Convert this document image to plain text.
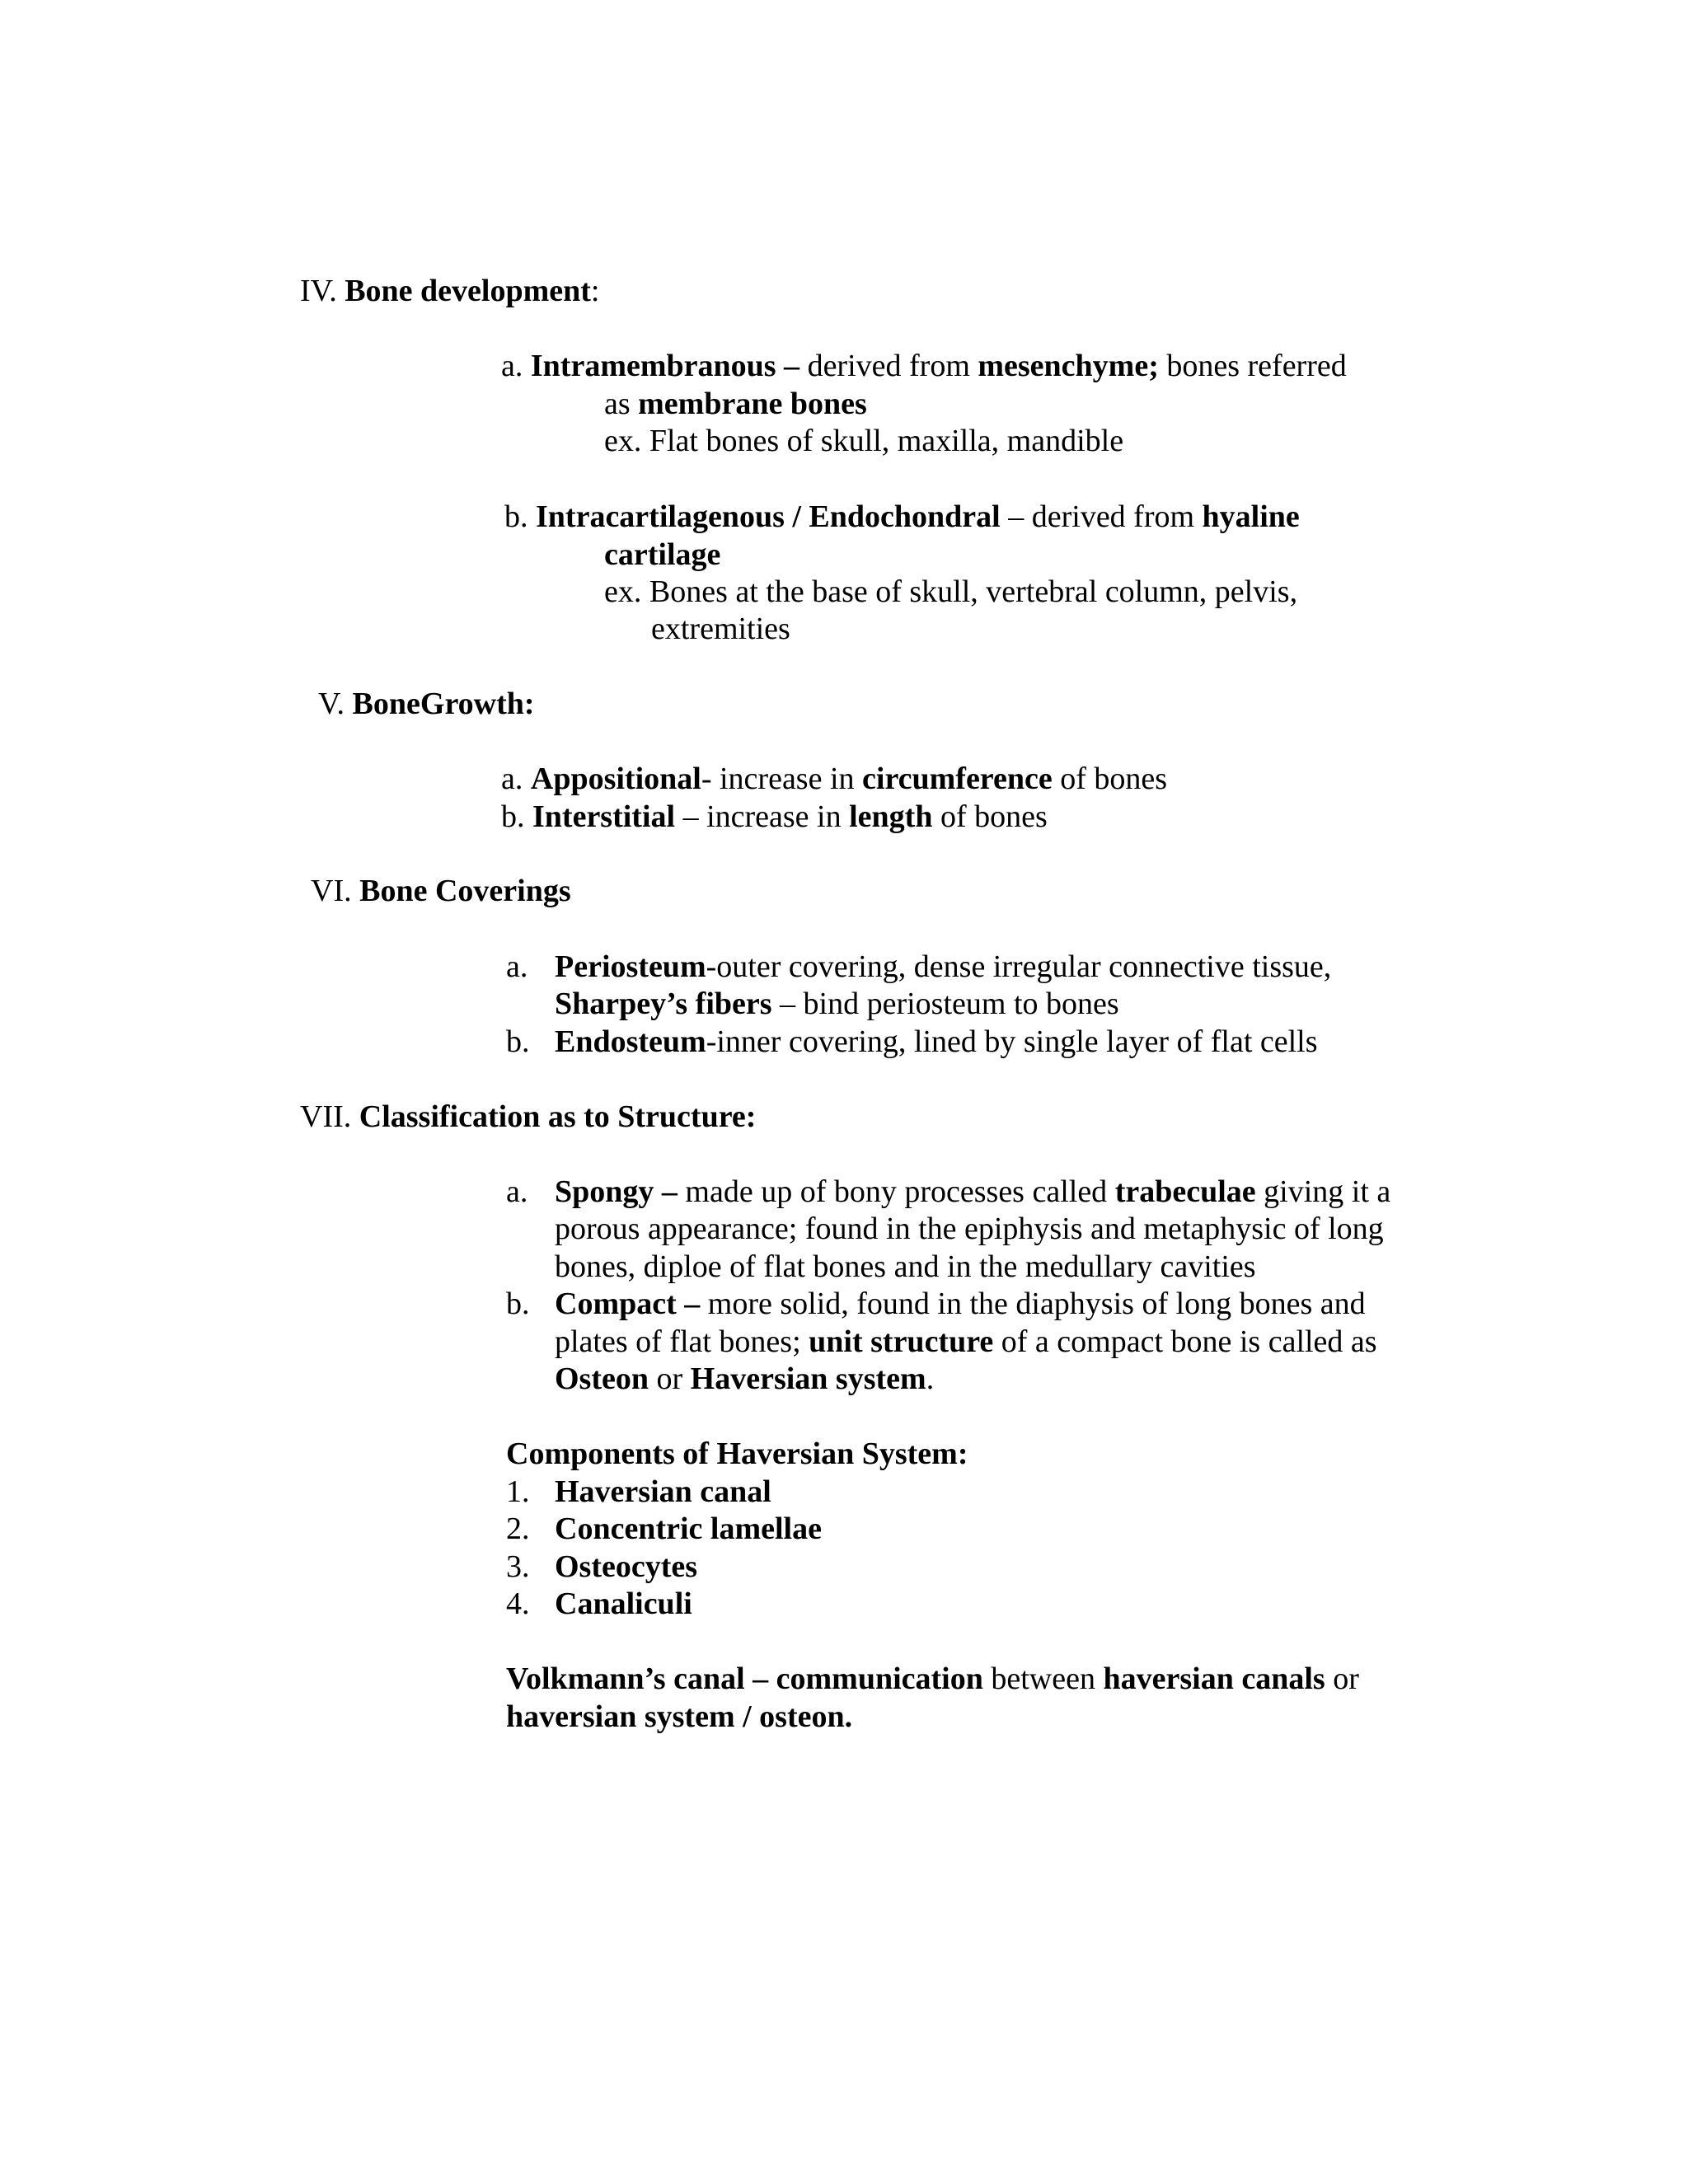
IV. Bone development:
a. Intramembranous – derived from mesenchyme; bones referred
as membrane bones
ex. Flat bones of skull, maxilla, mandible
b. Intracartilagenous / Endochondral – derived from hyaline
cartilage
ex. Bones at the base of skull, vertebral column, pelvis,
extremities
V. BoneGrowth:
a. Appositional- increase in circumference of bones
b. Interstitial – increase in length of bones
VI. Bone Coverings
a. Periosteum-outer covering, dense irregular connective tissue,
Sharpey’s fibers – bind periosteum to bones
b. Endosteum-inner covering, lined by single layer of flat cells
VII. Classification as to Structure:
a. Spongy – made up of bony processes called trabeculae giving it a
porous appearance; found in the epiphysis and metaphysic of long
bones, diploe of flat bones and in the medullary cavities
b. Compact – more solid, found in the diaphysis of long bones and
plates of flat bones; unit structure of a compact bone is called as
Osteon or Haversian system.
Components of Haversian System:
1. Haversian canal
2. Concentric lamellae
3. Osteocytes
4. Canaliculi
Volkmann’s canal – communication between haversian canals or
haversian system / osteon.
